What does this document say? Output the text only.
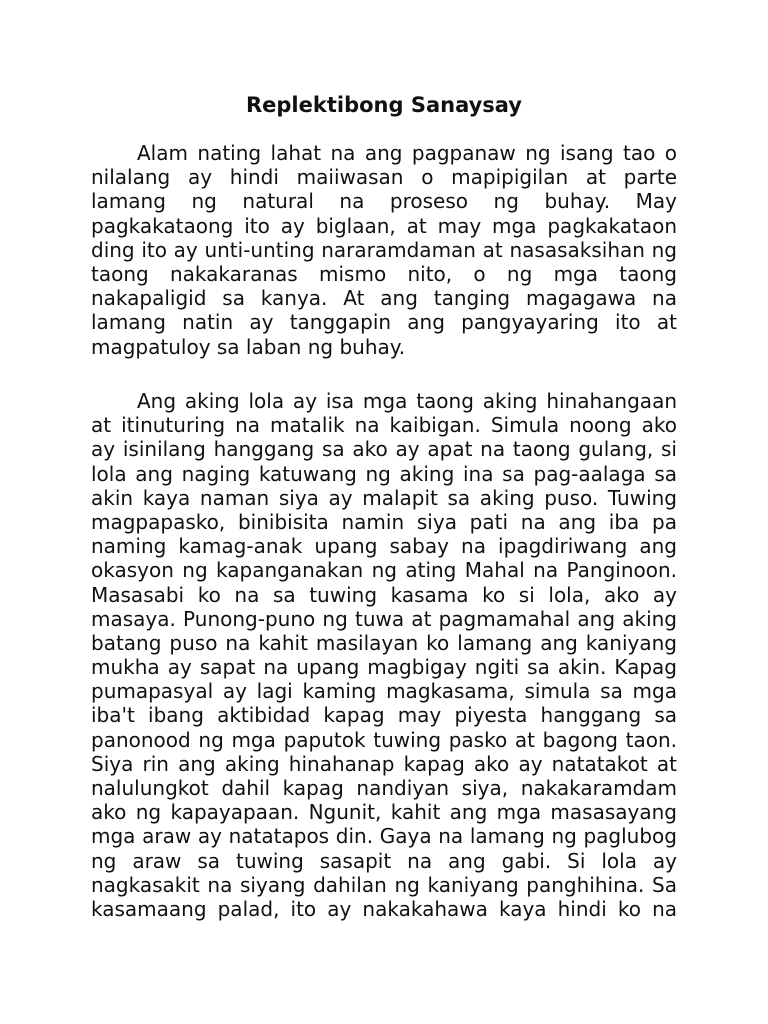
Replektibong Sanaysay
Alam nating lahat na ang pagpanaw ng isang tao o
nilalang ay hindi maiiwasan o mapipigilan at parte
lamang ng natural na proseso ng buhay. May
pagkakataong ito ay biglaan, at may mga pagkakataon
ding ito ay unti-unting nararamdaman at nasasaksihan ng
taong nakakaranas mismo nito, o ng mga taong
nakapaligid sa kanya. At ang tanging magagawa na
lamang natin ay tanggapin ang pangyayaring ito at
magpatuloy sa laban ng buhay.
Ang aking lola ay isa mga taong aking hinahangaan
at itinuturing na matalik na kaibigan. Simula noong ako
ay isinilang hanggang sa ako ay apat na taong gulang, si
lola ang naging katuwang ng aking ina sa pag-aalaga sa
akin kaya naman siya ay malapit sa aking puso. Tuwing
magpapasko, binibisita namin siya pati na ang iba pa
naming kamag-anak upang sabay na ipagdiriwang ang
okasyon ng kapanganakan ng ating Mahal na Panginoon.
Masasabi ko na sa tuwing kasama ko si lola, ako ay
masaya. Punong-puno ng tuwa at pagmamahal ang aking
batang puso na kahit masilayan ko lamang ang kaniyang
mukha ay sapat na upang magbigay ngiti sa akin. Kapag
pumapasyal ay lagi kaming magkasama, simula sa mga
iba't ibang aktibidad kapag may piyesta hanggang sa
panonood ng mga paputok tuwing pasko at bagong taon.
Siya rin ang aking hinahanap kapag ako ay natatakot at
nalulungkot dahil kapag nandiyan siya, nakakaramdam
ako ng kapayapaan. Ngunit, kahit ang mga masasayang
mga araw ay natatapos din. Gaya na lamang ng paglubog
ng araw sa tuwing sasapit na ang gabi. Si lola ay
nagkasakit na siyang dahilan ng kaniyang panghihina. Sa
kasamaang palad, ito ay nakakahawa kaya hindi ko na
